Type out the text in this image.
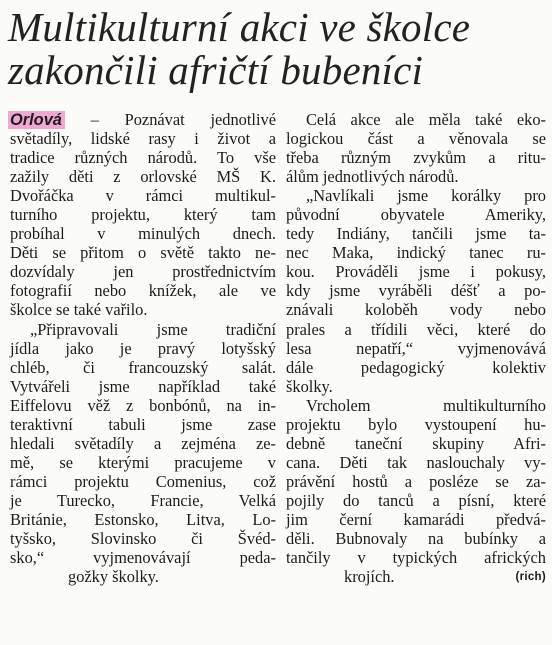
Multikulturní akci ve školce
zakončili afričtí bubeníci

Orlová – Poznávat jednotlivé
světadíly, lidské rasy i život a
tradice různých národů. To vše
zažily děti z orlovské MŠ K.
Dvořáčka v rámci multikul-
turního projektu, který tam
probíhal v minulých dnech.
Děti se přitom o světě takto ne-
dozvídaly jen prostřednictvím
fotografií nebo knížek, ale ve
školce se také vařilo.

„Připravovali jsme tradiční
jídla jako je pravý lotyšský
chléb, či francouzský salát.
Vytvářeli jsme například také
Eiffelovu věž z bonbónů, na in-
teraktivní tabuli jsme zase
hledali světadíly a zejména ze-
mě, se kterými pracujeme v
rámci projektu Comenius, což
je Turecko, Francie, Velká
Británie, Estonsko, Litva, Lo-
tyšsko, Slovinsko či Švéd-
sko,“ vyjmenovávají peda-
gožky školky.

Celá akce ale měla také eko-
logickou část a věnovala se
třeba různým zvykům a ritu-
álům jednotlivých národů.

„Navlíkali jsme korálky pro
původní obyvatele Ameriky,
tedy Indiány, tančili jsme ta-
nec Maka, indický tanec ru-
kou. Prováděli jsme i pokusy,
kdy jsme vyráběli déšť a po-
znávali koloběh vody nebo
prales a třídili věci, které do
lesa nepatří,“ vyjmenovává
dále pedagogický kolektiv
školky.

Vrcholem multikulturního
projektu bylo vystoupení hu-
debně taneční skupiny Afri-
cana. Děti tak naslouchaly vy-
právění hostů a posléze se za-
pojily do tanců a písní, které
jim černí kamarádi předvá-
děli. Bubnovaly na bubínky a
tančily v typických afrických
krojích.	(rich)
